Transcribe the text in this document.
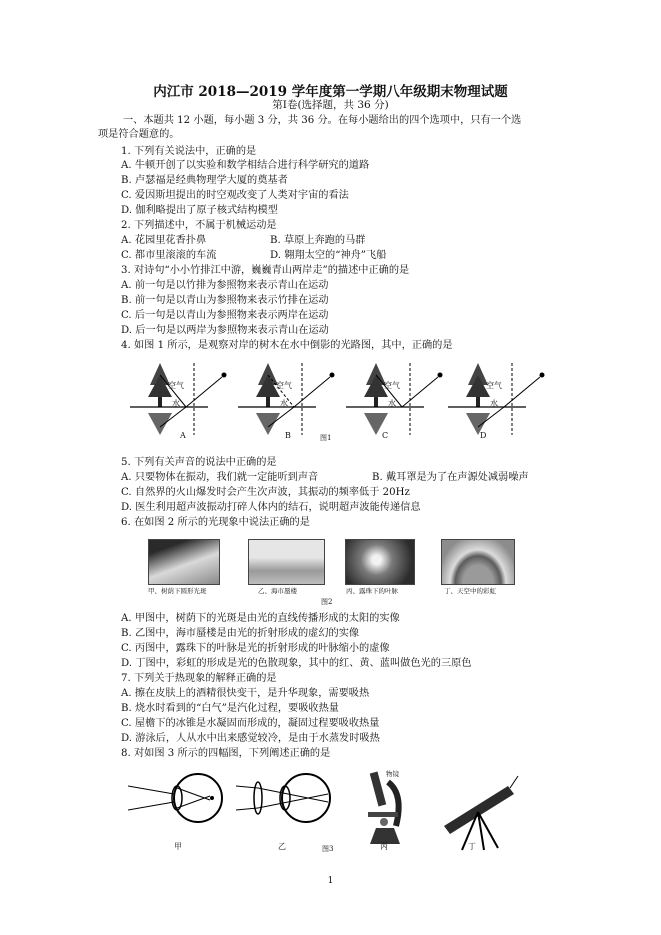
内江市 2018—2019 学年度第一学期八年级期末物理试题
第Ⅰ卷(选择题，共 36 分)
一、本题共 12 小题，每小题 3 分，共 36 分。在每小题给出的四个选项中，只有一个选
项是符合题意的。
1. 下列有关说法中，正确的是
A. 牛顿开创了以实验和数学相结合进行科学研究的道路
B. 卢瑟福是经典物理学大厦的奠基者
C. 爱因斯坦提出的时空观改变了人类对宇宙的看法
D. 伽利略提出了原子核式结构模型
2. 下列描述中，不属于机械运动是
A. 花园里花香扑鼻	B. 草原上奔跑的马群
C. 都市里滚滚的车流	D. 翱翔太空的“神舟”飞船
3. 对诗句“小小竹排江中游，巍巍青山两岸走”的描述中正确的是
A. 前一句是以竹排为参照物来表示青山在运动
B. 前一句是以青山为参照物来表示竹排在运动
C. 后一句是以青山为参照物来表示两岸在运动
D. 后一句是以两岸为参照物来表示青山在运动
4. 如图 1 所示，是观察对岸的树木在水中倒影的光路图，其中，正确的是
空气
水
空气
水
空气
水
空气
水
A	B	C	D
图1
5. 下列有关声音的说法中正确的是
A. 只要物体在振动，我们就一定能听到声音	B. 戴耳罩是为了在声源处减弱噪声
C. 自然界的火山爆发时会产生次声波，其振动的频率低于 20Hz
D. 医生利用超声波振动打碎人体内的结石，说明超声波能传递信息
6. 在如图 2 所示的光现象中说法正确的是
甲、树荫下圆形光斑	乙、海市蜃楼	丙、露珠下的叶脉	丁、天空中的彩虹
图2
A. 甲图中，树荫下的光斑是由光的直线传播形成的太阳的实像
B. 乙图中，海市蜃楼是由光的折射形成的虚幻的实像
C. 丙图中，露珠下的叶脉是光的折射形成的叶脉缩小的虚像
D. 丁图中，彩虹的形成是光的色散现象，其中的红、黄、蓝叫做色光的三原色
7. 下列关于热现象的解释正确的是
A. 擦在皮肤上的酒精很快变干，是升华现象，需要吸热
B. 烧水时看到的“白气”是汽化过程，要吸收热量
C. 屋檐下的冰锥是水凝固而形成的，凝固过程要吸收热量
D. 游泳后，人从水中出来感觉较冷，是由于水蒸发时吸热
8. 对如图 3 所示的四幅图，下列阐述正确的是
物镜
甲	乙	丙	丁
图3
1
